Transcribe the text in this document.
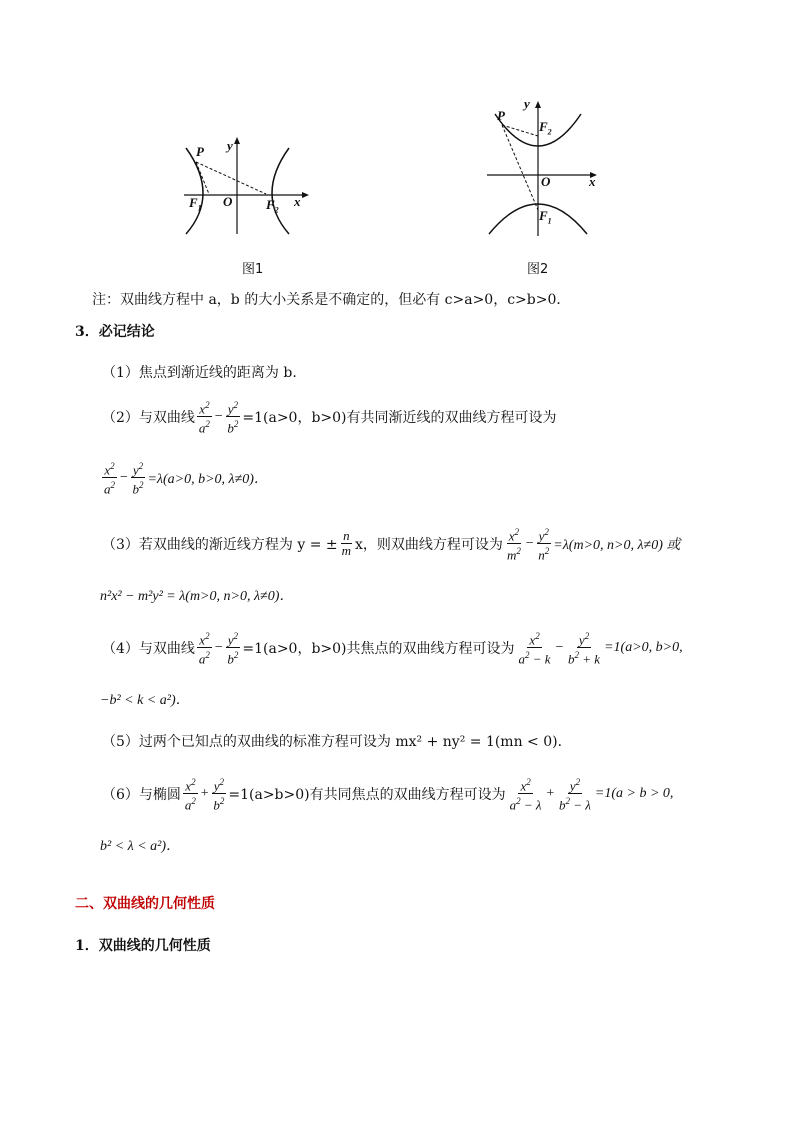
P y
O	x
$F_1$	$F_2$
图1
P
y
$F_2$
O	x
$F_1$
图2
注：双曲线方程中 a，b 的大小关系是不确定的，但必有 c>a>0，c>b>0．
3．必记结论
（1）焦点到渐近线的距离为 b.
（2）与双曲线 $\frac{x^2}{a^2} - \frac{y^2}{b^2} =1(a>0$，b>0)有共同渐近线的双曲线方程可设为
$\frac{x^2}{a^2} - \frac{y^2}{b^2} =\lambda(a>0$, b>0, λ≠0)．
（3）若双曲线的渐近线方程为 y = ± $\frac{n}{m}$ x，则双曲线方程可设为 $\frac{x^2}{m^2} - \frac{y^2}{n^2} =\lambda(m>0$, n>0, λ≠0) 或
n²x² − m²y² = λ(m>0, n>0, λ≠0)．
（4）与双曲线 $\frac{x^2}{a^2} - \frac{y^2}{b^2} =1(a>0$，b>0)共焦点的双曲线方程可设为 $\frac{x^2}{a^2 - k} - \frac{y^2}{b^2 + k} =1(a>0$, b>0,
−b² < k < a²)．
（5）过两个已知点的双曲线的标准方程可设为 mx² + ny² = 1(mn < 0)．
（6）与椭圆 $\frac{x^2}{a^2} + \frac{y^2}{b^2} =1(a>b>0)$有共同焦点的双曲线方程可设为 $\frac{x^2}{a^2 - \lambda} + \frac{y^2}{b^2 - \lambda} =1(a > b > 0$,
b² < λ < a²)．
二、双曲线的几何性质
1．双曲线的几何性质
